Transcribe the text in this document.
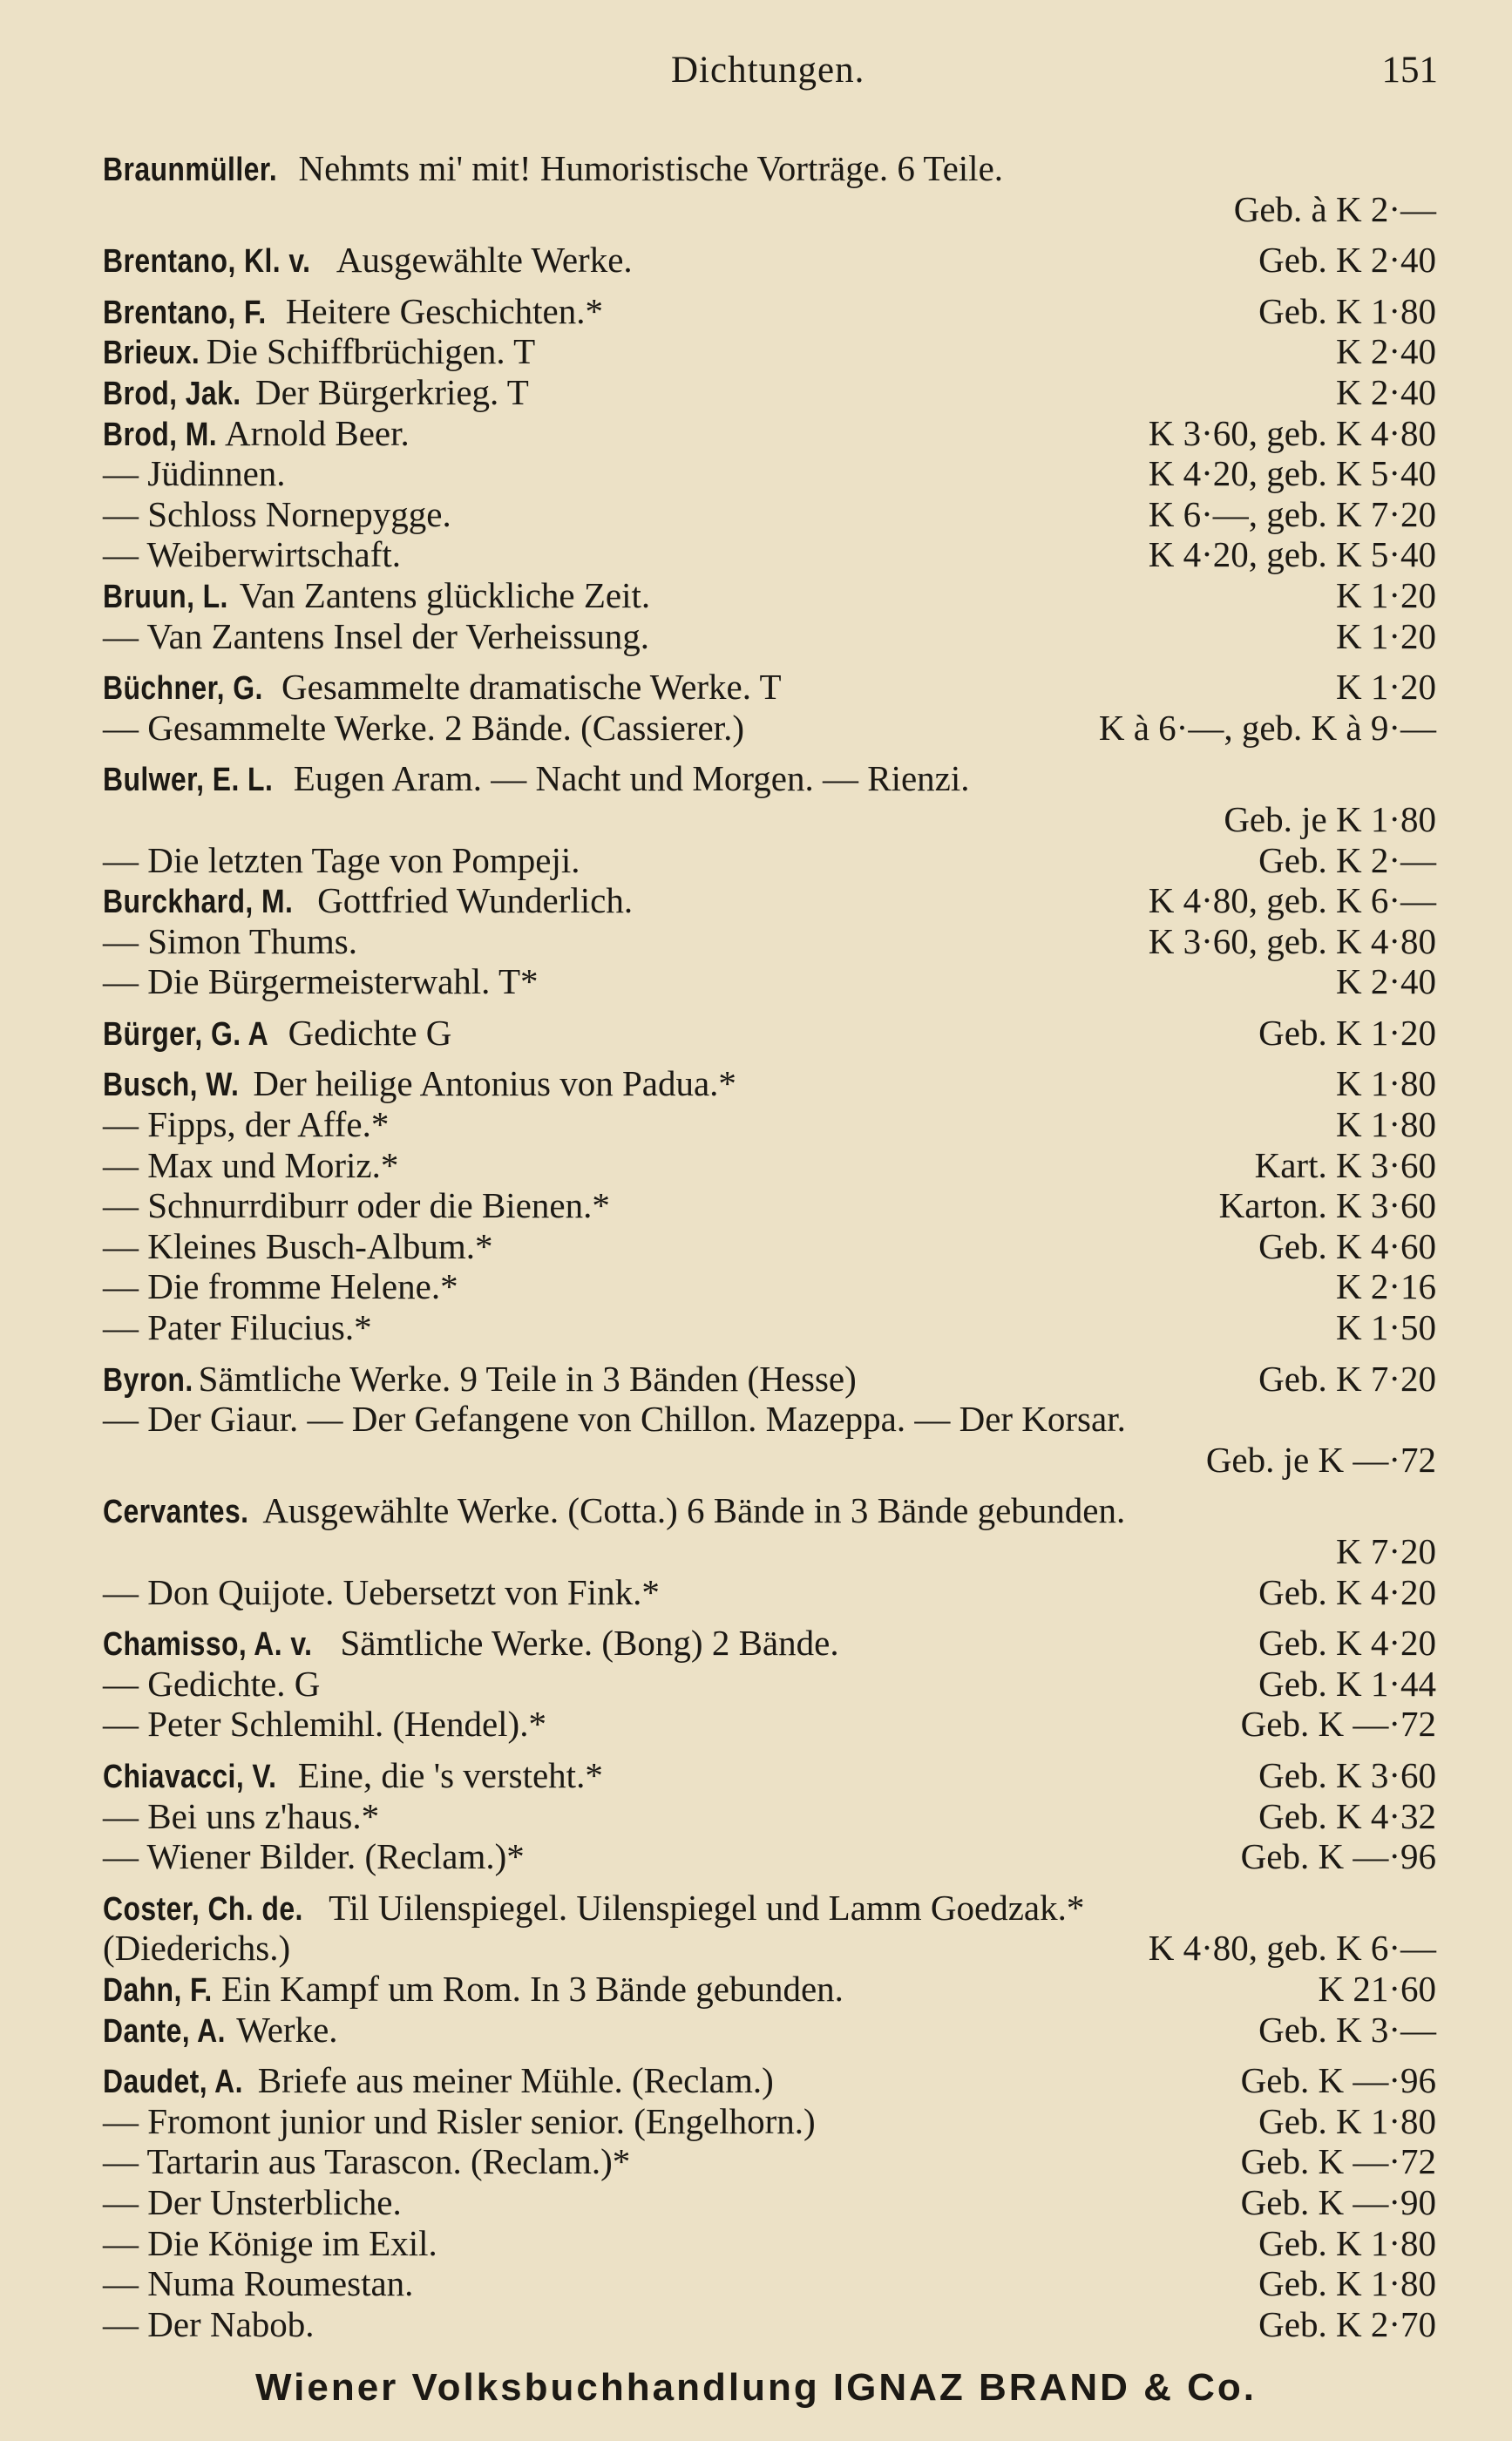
Dichtungen.	151
Braunmüller. Nehmts mi' mit! Humoristische Vorträge. 6 Teile.
Geb. à K 2·—
Brentano, Kl. v. Ausgewählte Werke.	Geb. K 2·40
Brentano, F. Heitere Geschichten.*	Geb. K 1·80
Brieux. Die Schiffbrüchigen. T	K 2·40
Brod, Jak. Der Bürgerkrieg. T	K 2·40
Brod, M. Arnold Beer.	K 3·60, geb. K 4·80
— Jüdinnen.	K 4·20, geb. K 5·40
— Schloss Nornepygge.	K 6·—, geb. K 7·20
— Weiberwirtschaft.	K 4·20, geb. K 5·40
Bruun, L. Van Zantens glückliche Zeit.	K 1·20
— Van Zantens Insel der Verheissung.	K 1·20
Büchner, G. Gesammelte dramatische Werke. T	K 1·20
— Gesammelte Werke. 2 Bände. (Cassierer.)	K à 6·—, geb. K à 9·—
Bulwer, E. L. Eugen Aram. — Nacht und Morgen. — Rienzi.
Geb. je K 1·80
— Die letzten Tage von Pompeji.	Geb. K 2·—
Burckhard, M. Gottfried Wunderlich.	K 4·80, geb. K 6·—
— Simon Thums.	K 3·60, geb. K 4·80
— Die Bürgermeisterwahl. T*	K 2·40
Bürger, G. A Gedichte G	Geb. K 1·20
Busch, W. Der heilige Antonius von Padua.*	K 1·80
— Fipps, der Affe.*	K 1·80
— Max und Moriz.*	Kart. K 3·60
— Schnurrdiburr oder die Bienen.*	Karton. K 3·60
— Kleines Busch-Album.*	Geb. K 4·60
— Die fromme Helene.*	K 2·16
— Pater Filucius.*	K 1·50
Byron. Sämtliche Werke. 9 Teile in 3 Bänden (Hesse)	Geb. K 7·20
— Der Giaur. — Der Gefangene von Chillon. Mazeppa. — Der Korsar.
Geb. je K —·72
Cervantes. Ausgewählte Werke. (Cotta.) 6 Bände in 3 Bände gebunden.
K 7·20
— Don Quijote. Uebersetzt von Fink.*	Geb. K 4·20
Chamisso, A. v. Sämtliche Werke. (Bong) 2 Bände.	Geb. K 4·20
— Gedichte. G	Geb. K 1·44
— Peter Schlemihl. (Hendel).*	Geb. K —·72
Chiavacci, V. Eine, die 's versteht.*	Geb. K 3·60
— Bei uns z'haus.*	Geb. K 4·32
— Wiener Bilder. (Reclam.)*	Geb. K —·96
Coster, Ch. de. Til Uilenspiegel. Uilenspiegel und Lamm Goedzak.*
(Diederichs.)	K 4·80, geb. K 6·—
Dahn, F. Ein Kampf um Rom. In 3 Bände gebunden.	K 21·60
Dante, A. Werke.	Geb. K 3·—
Daudet, A. Briefe aus meiner Mühle. (Reclam.)	Geb. K —·96
— Fromont junior und Risler senior. (Engelhorn.)	Geb. K 1·80
— Tartarin aus Tarascon. (Reclam.)*	Geb. K —·72
— Der Unsterbliche.	Geb. K —·90
— Die Könige im Exil.	Geb. K 1·80
— Numa Roumestan.	Geb. K 1·80
— Der Nabob.	Geb. K 2·70
Wiener Volksbuchhandlung IGNAZ BRAND & Co.
